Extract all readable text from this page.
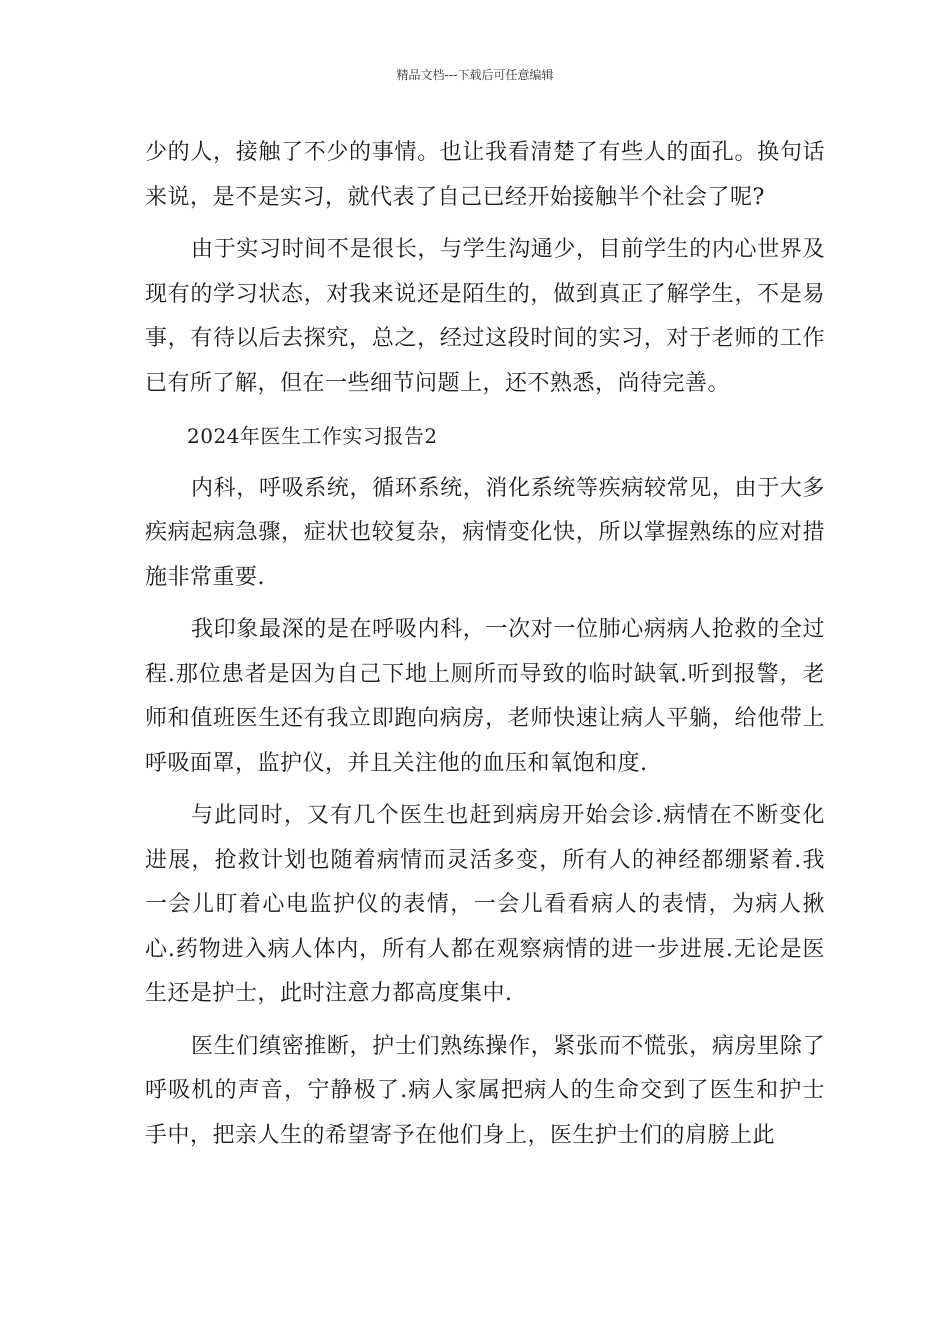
精品文档---下载后可任意编辑

少的人，接触了不少的事情。也让我看清楚了有些人的面孔。换句话来说，是不是实习，就代表了自己已经开始接触半个社会了呢?

由于实习时间不是很长，与学生沟通少，目前学生的内心世界及现有的学习状态，对我来说还是陌生的，做到真正了解学生，不是易事，有待以后去探究，总之，经过这段时间的实习，对于老师的工作已有所了解，但在一些细节问题上，还不熟悉，尚待完善。

2024年医生工作实习报告2

内科，呼吸系统，循环系统，消化系统等疾病较常见，由于大多疾病起病急骤，症状也较复杂，病情变化快，所以掌握熟练的应对措施非常重要.

我印象最深的是在呼吸内科，一次对一位肺心病病人抢救的全过程.那位患者是因为自己下地上厕所而导致的临时缺氧.听到报警，老师和值班医生还有我立即跑向病房，老师快速让病人平躺，给他带上呼吸面罩，监护仪，并且关注他的血压和氧饱和度.

与此同时，又有几个医生也赶到病房开始会诊.病情在不断变化进展，抢救计划也随着病情而灵活多变，所有人的神经都绷紧着.我一会儿盯着心电监护仪的表情，一会儿看看病人的表情，为病人揪心.药物进入病人体内，所有人都在观察病情的进一步进展.无论是医生还是护士，此时注意力都高度集中.

医生们缜密推断，护士们熟练操作，紧张而不慌张，病房里除了呼吸机的声音，宁静极了.病人家属把病人的生命交到了医生和护士手中，把亲人生的希望寄予在他们身上，医生护士们的肩膀上此
